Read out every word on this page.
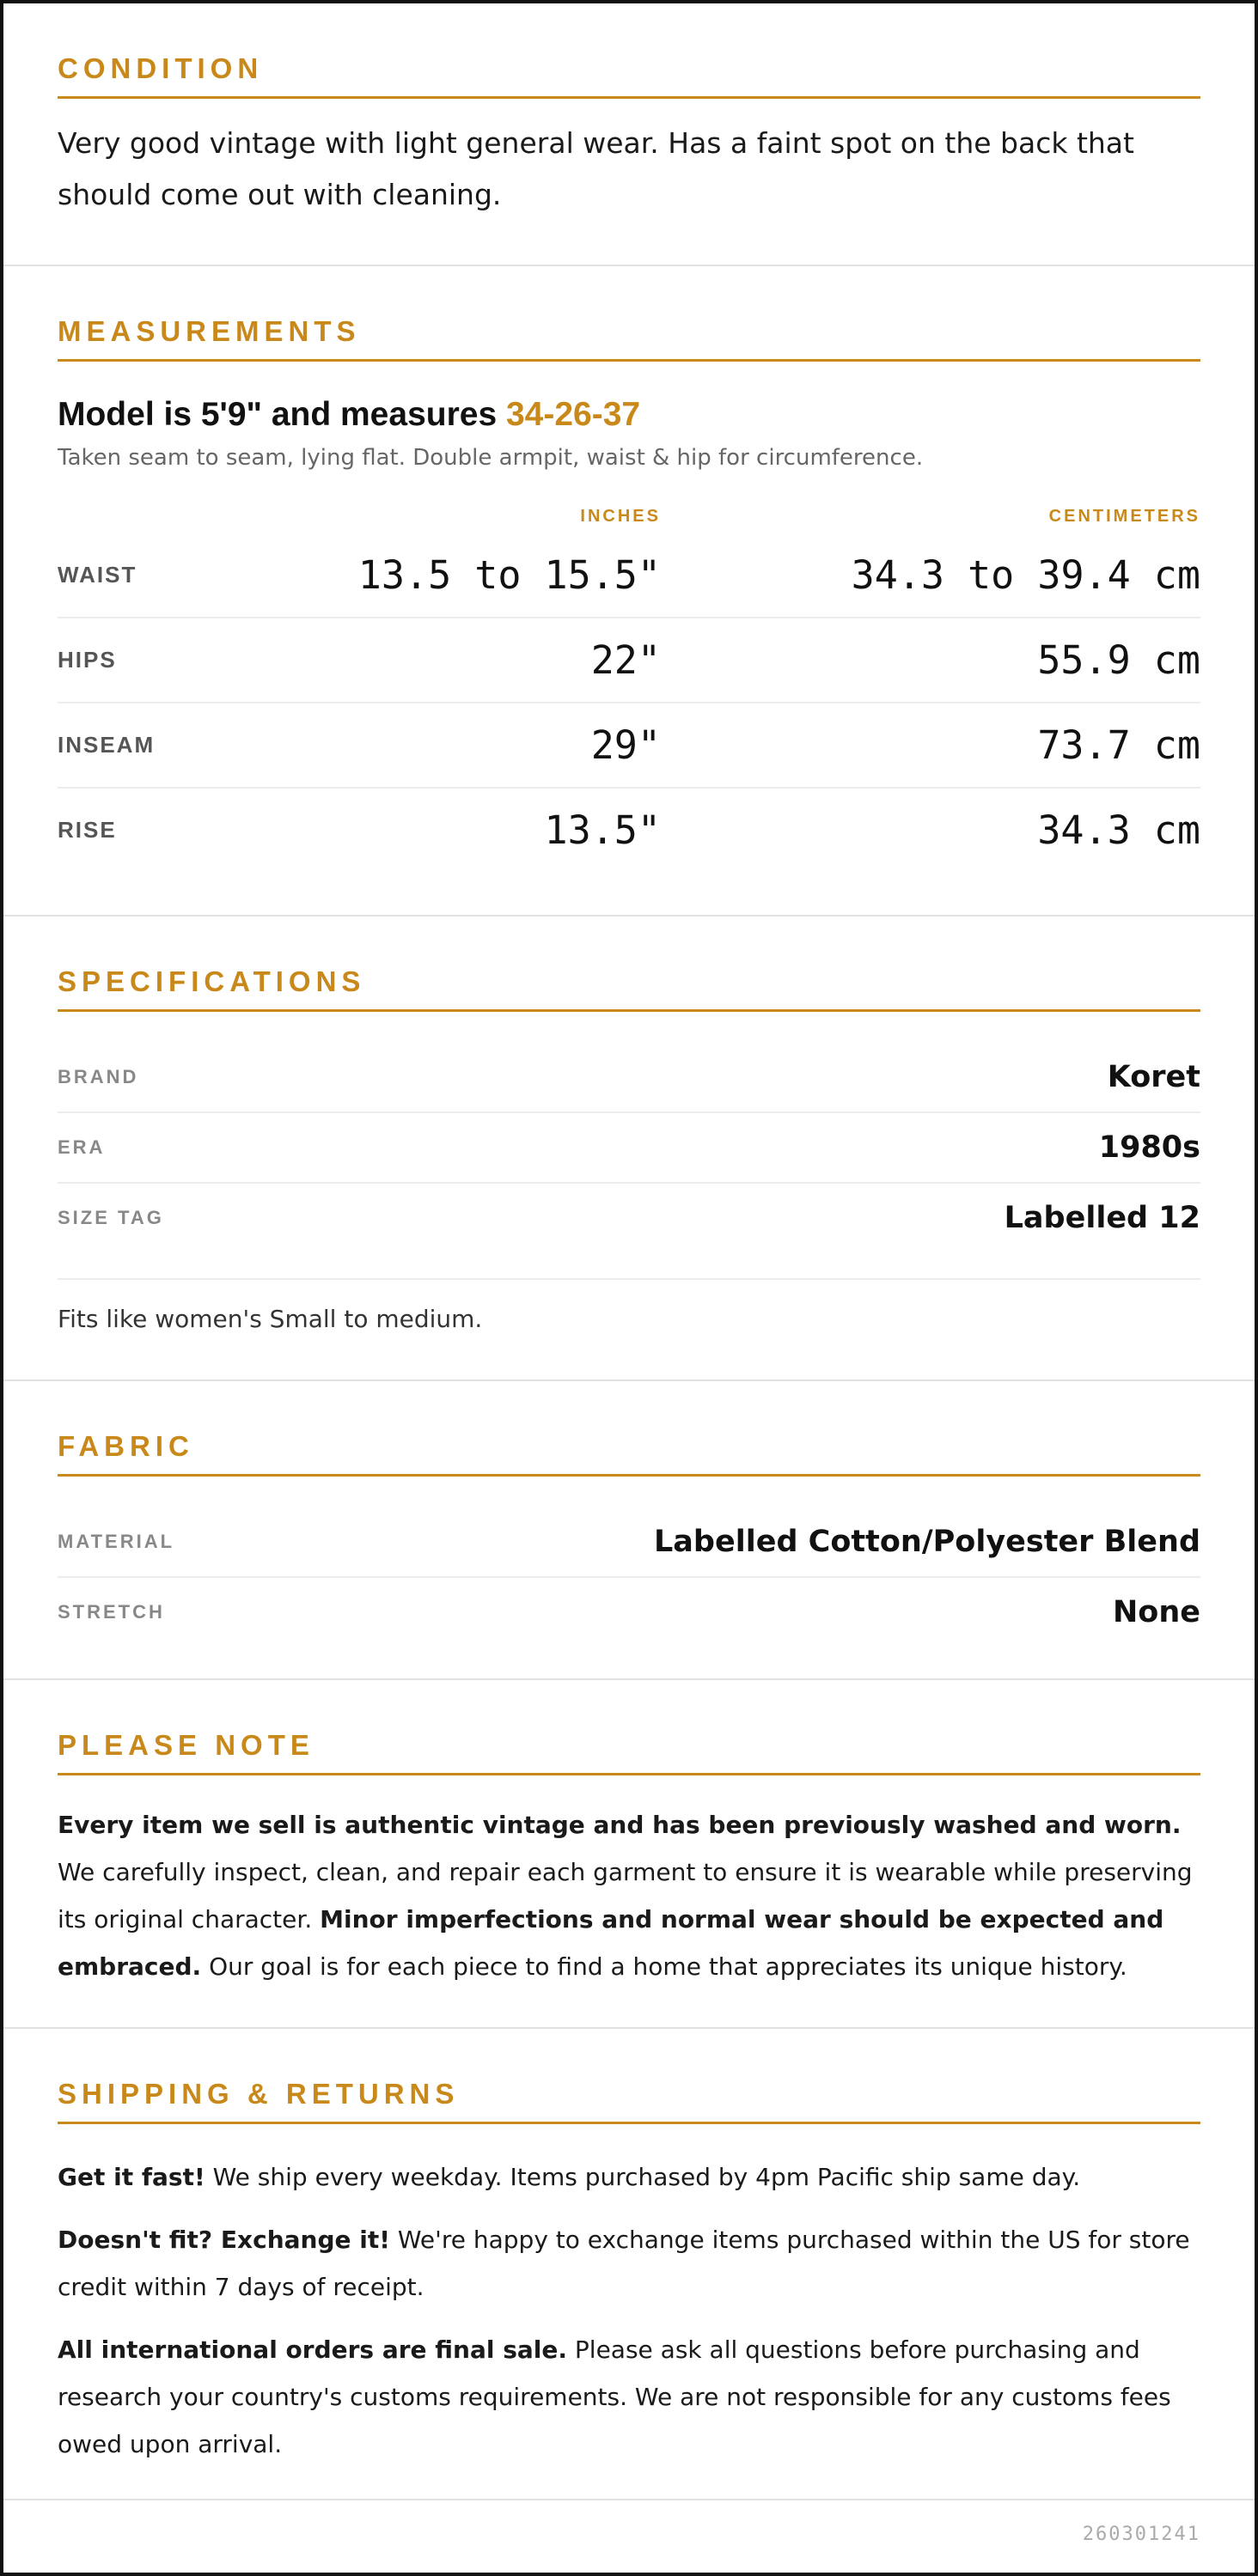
CONDITION
Very good vintage with light general wear. Has a faint spot on the back that should come out with cleaning.
MEASUREMENTS
Model is 5'9" and measures 34-26-37
Taken seam to seam, lying flat. Double armpit, waist & hip for circumference.
INCHES	CENTIMETERS
WAIST	13.5 to 15.5"	34.3 to 39.4 cm
HIPS	22"	55.9 cm
INSEAM	29"	73.7 cm
RISE	13.5"	34.3 cm
SPECIFICATIONS
BRAND	Koret
ERA	1980s
SIZE TAG	Labelled 12
Fits like women's Small to medium.
FABRIC
MATERIAL	Labelled Cotton/Polyester Blend
STRETCH	None
PLEASE NOTE
Every item we sell is authentic vintage and has been previously washed and worn. We carefully inspect, clean, and repair each garment to ensure it is wearable while preserving its original character. Minor imperfections and normal wear should be expected and embraced. Our goal is for each piece to find a home that appreciates its unique history.
SHIPPING & RETURNS

Get it fast! We ship every weekday. Items purchased by 4pm Pacific ship same day.

Doesn't fit? Exchange it! We're happy to exchange items purchased within the US for store credit within 7 days of receipt.

All international orders are final sale. Please ask all questions before purchasing and research your country's customs requirements. We are not responsible for any customs fees owed upon arrival.

260301241
